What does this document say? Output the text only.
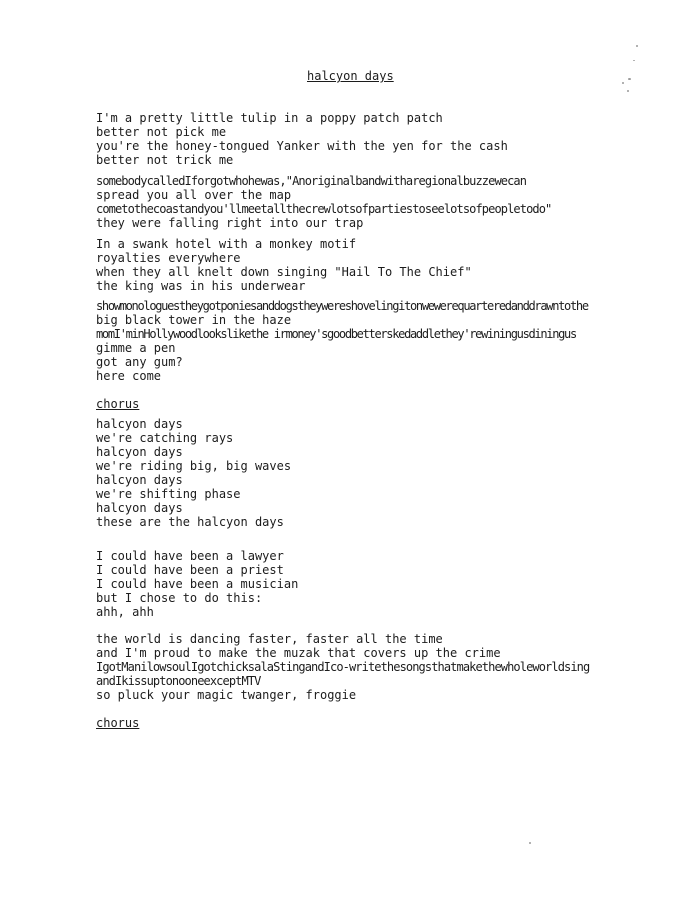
halcyon days
I'm a pretty little tulip in a poppy patch patch
better not pick me
you're the honey-tongued Yanker with the yen for the cash
better not trick me
somebodycalledIforgotwhohewas,"Anoriginalbandwitharegionalbuzzewecan
spread you all over the map
cometothecoastandyou'llmeetallthecrewlotsofpartiestoseelotsofpeopletodo"
they were falling right into our trap
In a swank hotel with a monkey motif
royalties everywhere
when they all knelt down singing "Hail To The Chief"
the king was in his underwear
showmonologuestheygotponiesanddogstheywereshovelingitonwewerequarteredanddrawntothe
big black tower in the haze
momI'minHollywoodlookslikethe irmoney'sgoodbetterskedaddlethey'rewiningusdiningus
gimme a pen
got any gum?
here come
chorus
halcyon days
we're catching rays
halcyon days
we're riding big, big waves
halcyon days
we're shifting phase
halcyon days
these are the halcyon days
I could have been a lawyer
I could have been a priest
I could have been a musician
but I chose to do this:
ahh, ahh
the world is dancing faster, faster all the time
and I'm proud to make the muzak that covers up the crime
IgotManilowsoulIgotchicksalaStingandIco-writethesongsthatmakethewholeworldsing
andIkissuptonooneexceptMTV
so pluck your magic twanger, froggie
chorus
